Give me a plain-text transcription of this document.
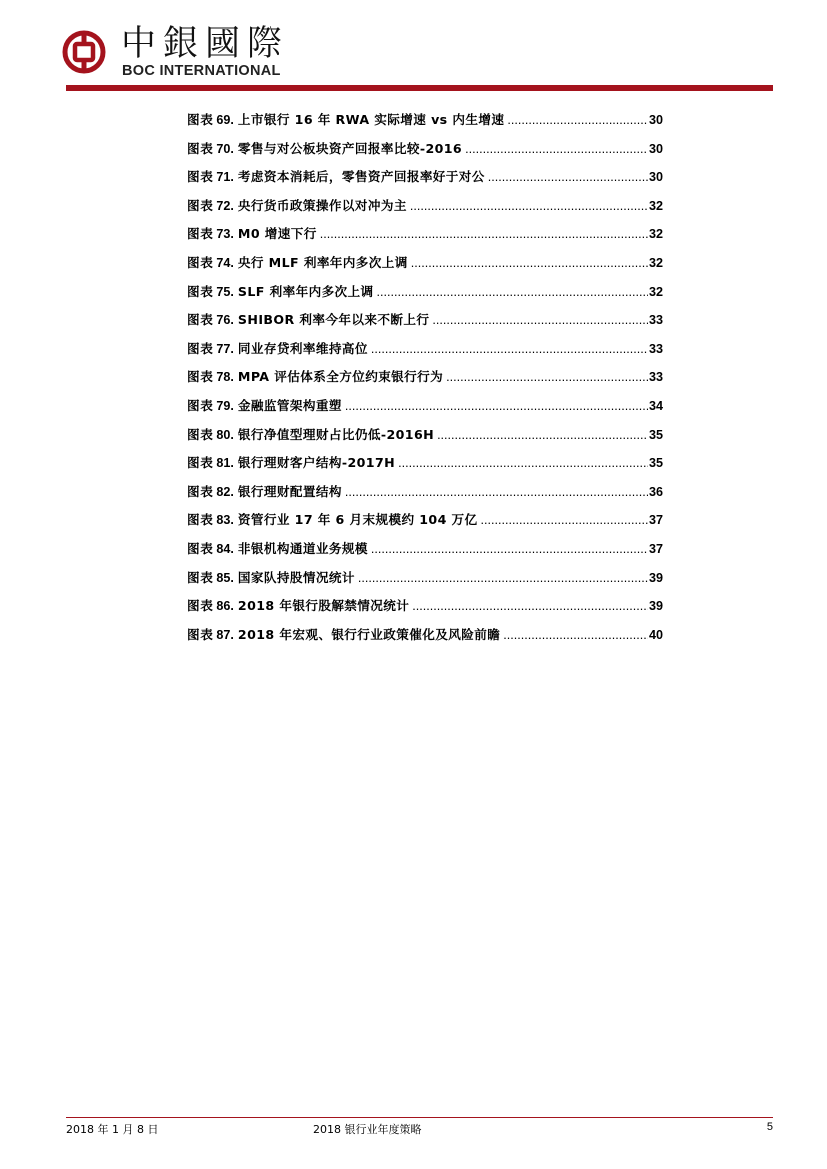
中銀國際
BOC INTERNATIONAL
图表 69. 上市银行 16 年 RWA 实际增速 vs 内生增速 .....	30
图表 70. 零售与对公板块资产回报率比较-2016 .....	30
图表 71. 考虑资本消耗后，零售资产回报率好于对公 .....	30
图表 72. 央行货币政策操作以对冲为主 .....	32
图表 73. M0 增速下行 .....	32
图表 74. 央行 MLF 利率年内多次上调 .....	32
图表 75. SLF 利率年内多次上调 .....	32
图表 76. SHIBOR 利率今年以来不断上行 .....	33
图表 77. 同业存贷利率维持高位 .....	33
图表 78. MPA 评估体系全方位约束银行行为 .....	33
图表 79. 金融监管架构重塑 .....	34
图表 80. 银行净值型理财占比仍低-2016H .....	35
图表 81. 银行理财客户结构-2017H .....	35
图表 82. 银行理财配置结构 .....	36
图表 83. 资管行业 17 年 6 月末规模约 104 万亿 .....	37
图表 84. 非银机构通道业务规模 .....	37
图表 85. 国家队持股情况统计 .....	39
图表 86. 2018 年银行股解禁情况统计 .....	39
图表 87. 2018 年宏观、银行行业政策催化及风险前瞻 .....	40
2018 年 1 月 8 日	2018 银行业年度策略	5
